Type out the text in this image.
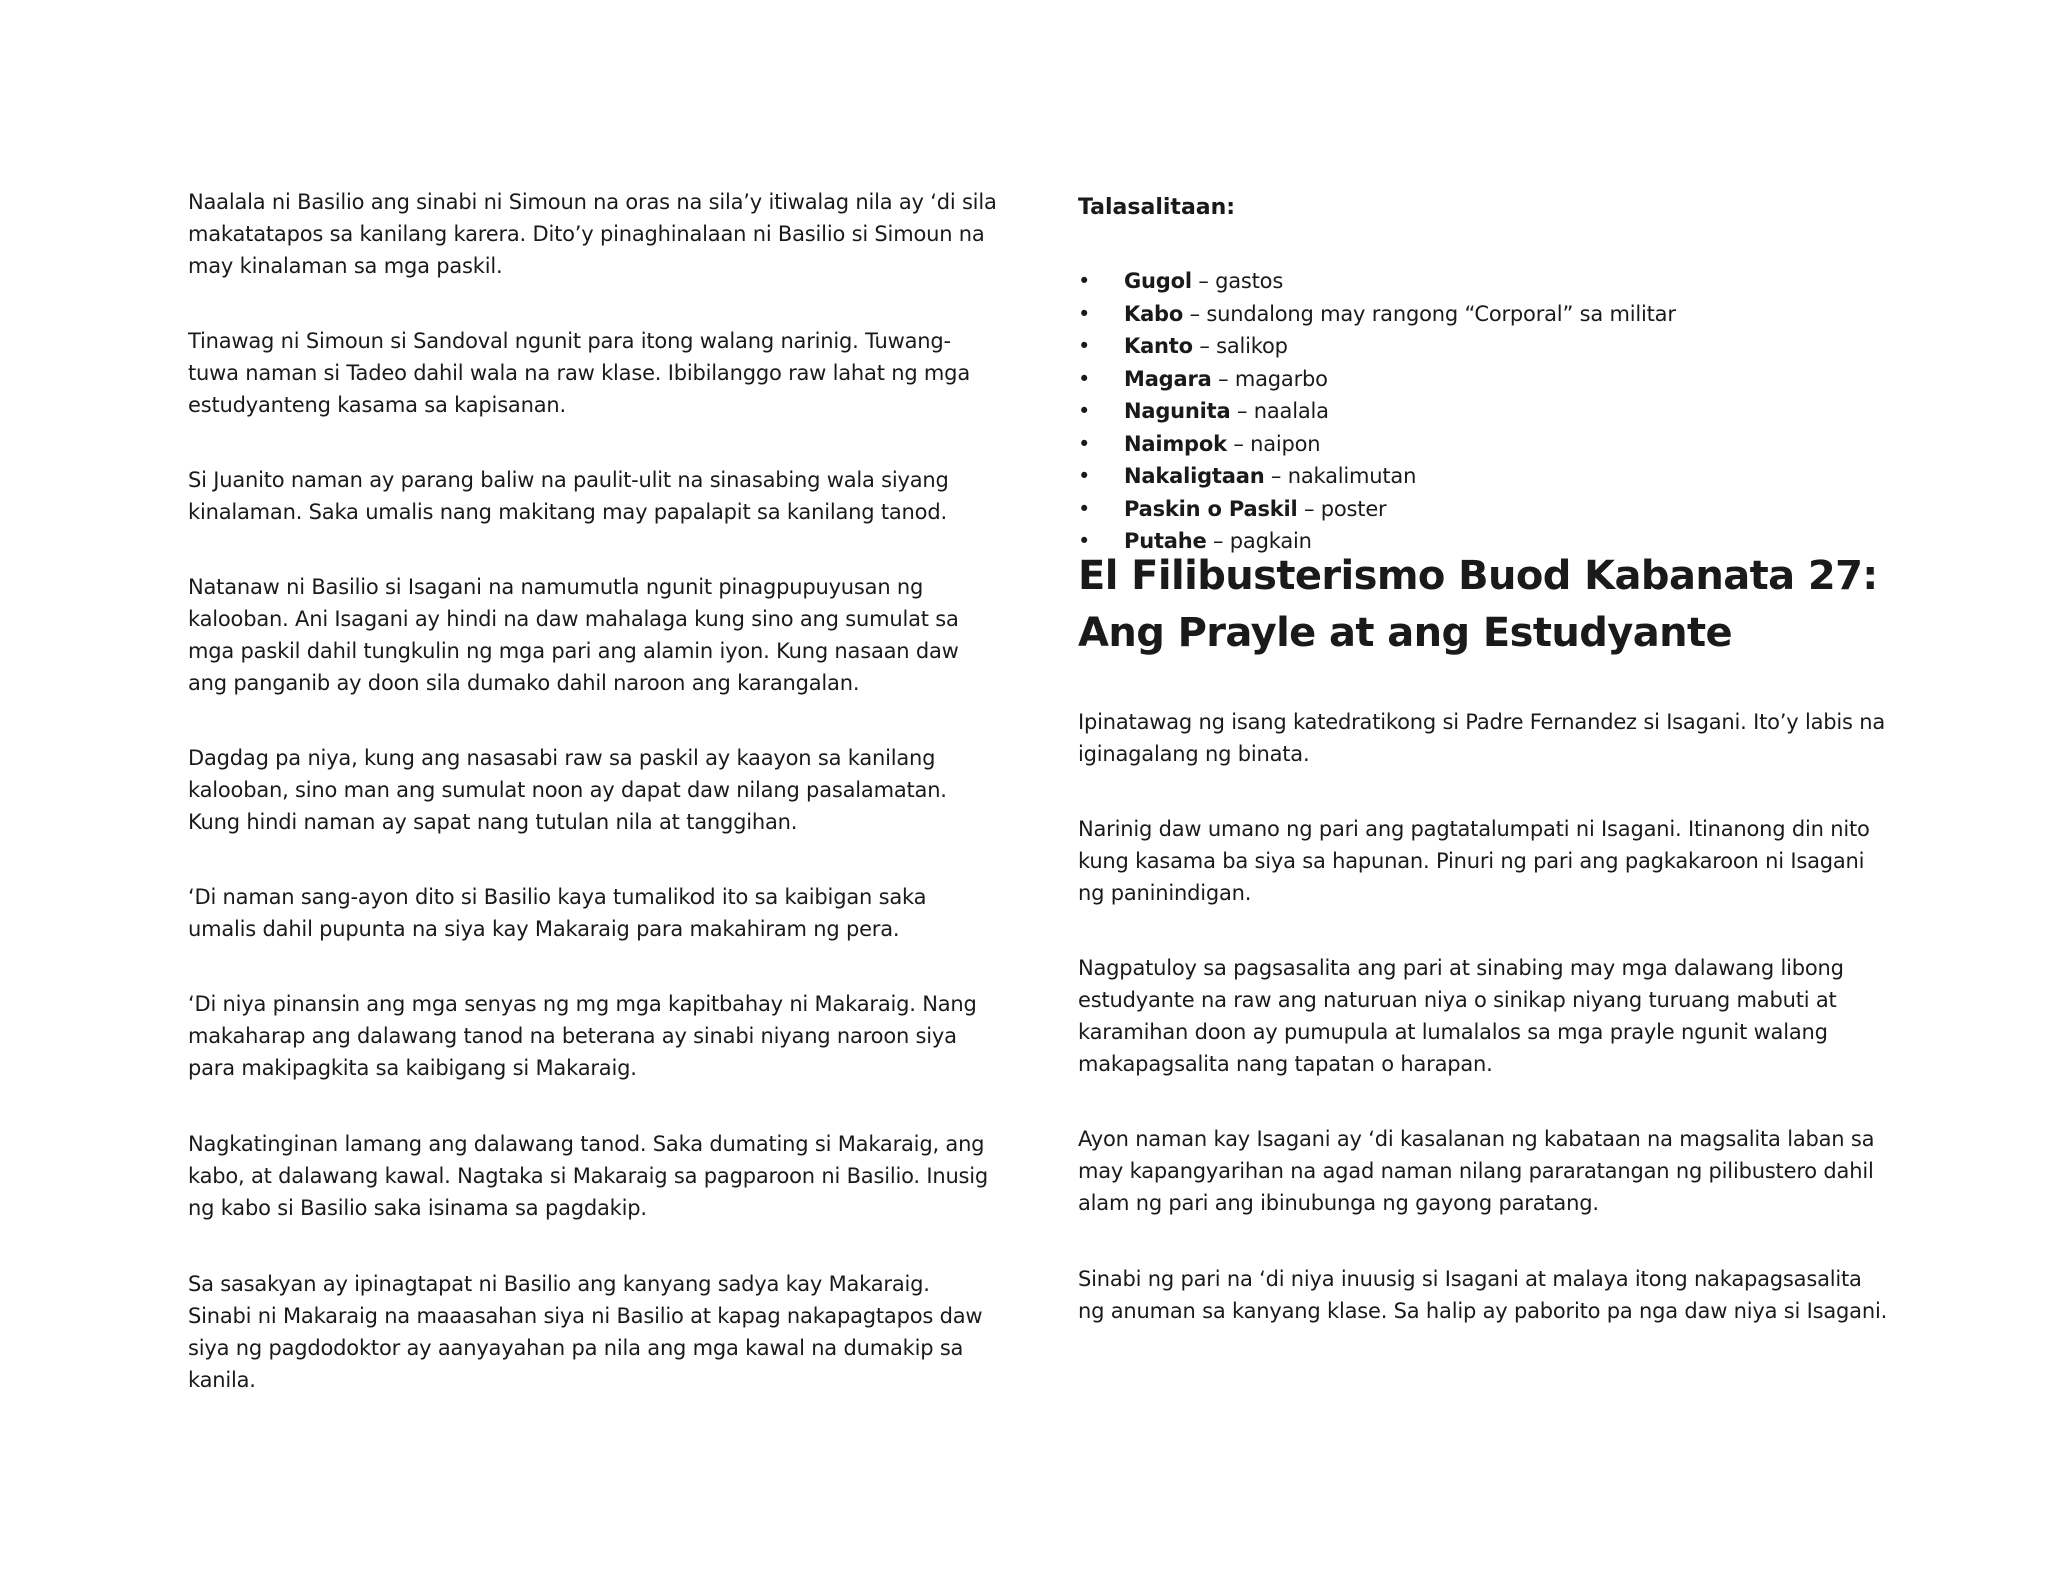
Naalala ni Basilio ang sinabi ni Simoun na oras na sila’y itiwalag nila ay ‘di sila makatatapos sa kanilang karera. Dito’y pinaghinalaan ni Basilio si Simoun na may kinalaman sa mga paskil.

Tinawag ni Simoun si Sandoval ngunit para itong walang narinig. Tuwang-tuwa naman si Tadeo dahil wala na raw klase. Ibibilanggo raw lahat ng mga estudyanteng kasama sa kapisanan.

Si Juanito naman ay parang baliw na paulit-ulit na sinasabing wala siyang kinalaman. Saka umalis nang makitang may papalapit sa kanilang tanod.

Natanaw ni Basilio si Isagani na namumutla ngunit pinagpupuyusan ng kalooban. Ani Isagani ay hindi na daw mahalaga kung sino ang sumulat sa mga paskil dahil tungkulin ng mga pari ang alamin iyon. Kung nasaan daw ang panganib ay doon sila dumako dahil naroon ang karangalan.

Dagdag pa niya, kung ang nasasabi raw sa paskil ay kaayon sa kanilang kalooban, sino man ang sumulat noon ay dapat daw nilang pasalamatan. Kung hindi naman ay sapat nang tutulan nila at tanggihan.

‘Di naman sang-ayon dito si Basilio kaya tumalikod ito sa kaibigan saka umalis dahil pupunta na siya kay Makaraig para makahiram ng pera.

‘Di niya pinansin ang mga senyas ng mg mga kapitbahay ni Makaraig. Nang makaharap ang dalawang tanod na beterana ay sinabi niyang naroon siya para makipagkita sa kaibigang si Makaraig.

Nagkatinginan lamang ang dalawang tanod. Saka dumating si Makaraig, ang kabo, at dalawang kawal. Nagtaka si Makaraig sa pagparoon ni Basilio. Inusig ng kabo si Basilio saka isinama sa pagdakip.

Sa sasakyan ay ipinagtapat ni Basilio ang kanyang sadya kay Makaraig. Sinabi ni Makaraig na maaasahan siya ni Basilio at kapag nakapagtapos daw siya ng pagdodoktor ay aanyayahan pa nila ang mga kawal na dumakip sa kanila.

Talasalitaan:
• Gugol – gastos
• Kabo – sundalong may rangong “Corporal” sa militar
• Kanto – salikop
• Magara – magarbo
• Nagunita – naalala
• Naimpok – naipon
• Nakaligtaan – nakalimutan
• Paskin o Paskil – poster
• Putahe – pagkain
El Filibusterismo Buod Kabanata 27: Ang Prayle at ang Estudyante

Ipinatawag ng isang katedratikong si Padre Fernandez si Isagani. Ito’y labis na iginagalang ng binata.

Narinig daw umano ng pari ang pagtatalumpati ni Isagani. Itinanong din nito kung kasama ba siya sa hapunan. Pinuri ng pari ang pagkakaroon ni Isagani ng paninindigan.

Nagpatuloy sa pagsasalita ang pari at sinabing may mga dalawang libong estudyante na raw ang naturuan niya o sinikap niyang turuang mabuti at karamihan doon ay pumupula at lumalalos sa mga prayle ngunit walang makapagsalita nang tapatan o harapan.

Ayon naman kay Isagani ay ‘di kasalanan ng kabataan na magsalita laban sa may kapangyarihan na agad naman nilang pararatangan ng pilibustero dahil alam ng pari ang ibinubunga ng gayong paratang.

Sinabi ng pari na ‘di niya inuusig si Isagani at malaya itong nakapagsasalita ng anuman sa kanyang klase. Sa halip ay paborito pa nga daw niya si Isagani.
